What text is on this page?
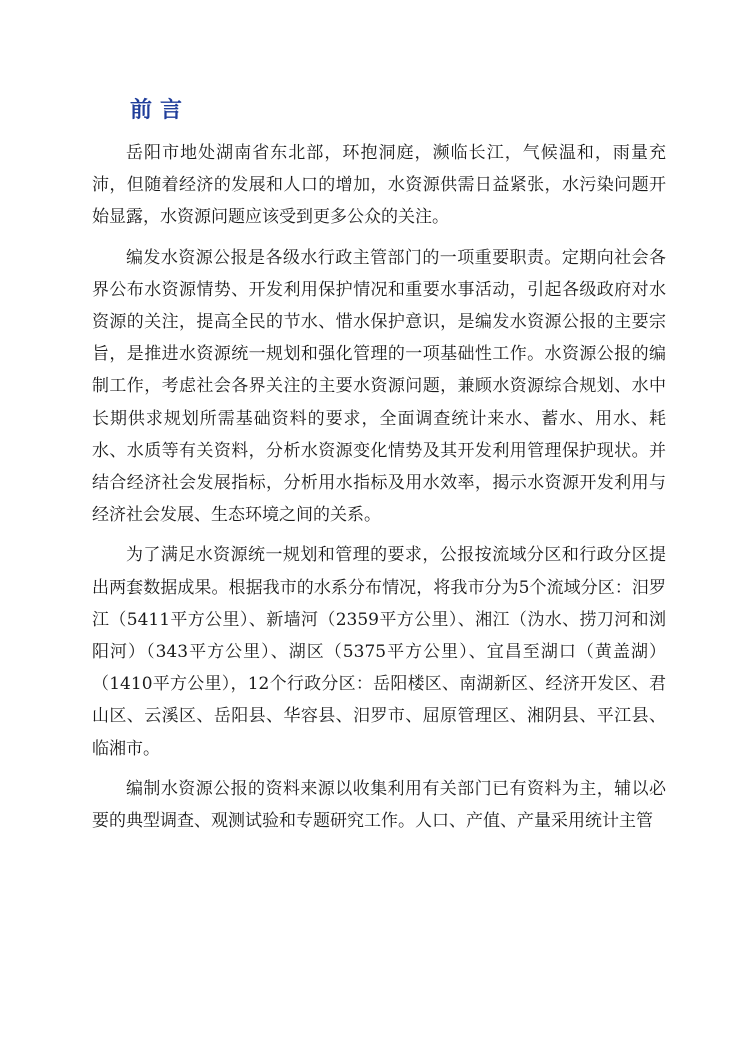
前言

岳阳市地处湖南省东北部，环抱洞庭，濒临长江，气候温和，雨量充沛，但随着经济的发展和人口的增加，水资源供需日益紧张，水污染问题开始显露，水资源问题应该受到更多公众的关注。

编发水资源公报是各级水行政主管部门的一项重要职责。定期向社会各界公布水资源情势、开发利用保护情况和重要水事活动，引起各级政府对水资源的关注，提高全民的节水、惜水保护意识，是编发水资源公报的主要宗旨，是推进水资源统一规划和强化管理的一项基础性工作。水资源公报的编制工作，考虑社会各界关注的主要水资源问题，兼顾水资源综合规划、水中长期供求规划所需基础资料的要求，全面调查统计来水、蓄水、用水、耗水、水质等有关资料，分析水资源变化情势及其开发利用管理保护现状。并结合经济社会发展指标，分析用水指标及用水效率，揭示水资源开发利用与经济社会发展、生态环境之间的关系。

为了满足水资源统一规划和管理的要求，公报按流域分区和行政分区提出两套数据成果。根据我市的水系分布情况，将我市分为5个流域分区：汨罗江（5411平方公里）、新墙河（2359平方公里）、湘江（沩水、捞刀河和浏阳河）（343平方公里）、湖区（5375平方公里）、宜昌至湖口（黄盖湖）（1410平方公里），12个行政分区：岳阳楼区、南湖新区、经济开发区、君山区、云溪区、岳阳县、华容县、汨罗市、屈原管理区、湘阴县、平江县、临湘市。

编制水资源公报的资料来源以收集利用有关部门已有资料为主，辅以必要的典型调查、观测试验和专题研究工作。人口、产值、产量采用统计主管
